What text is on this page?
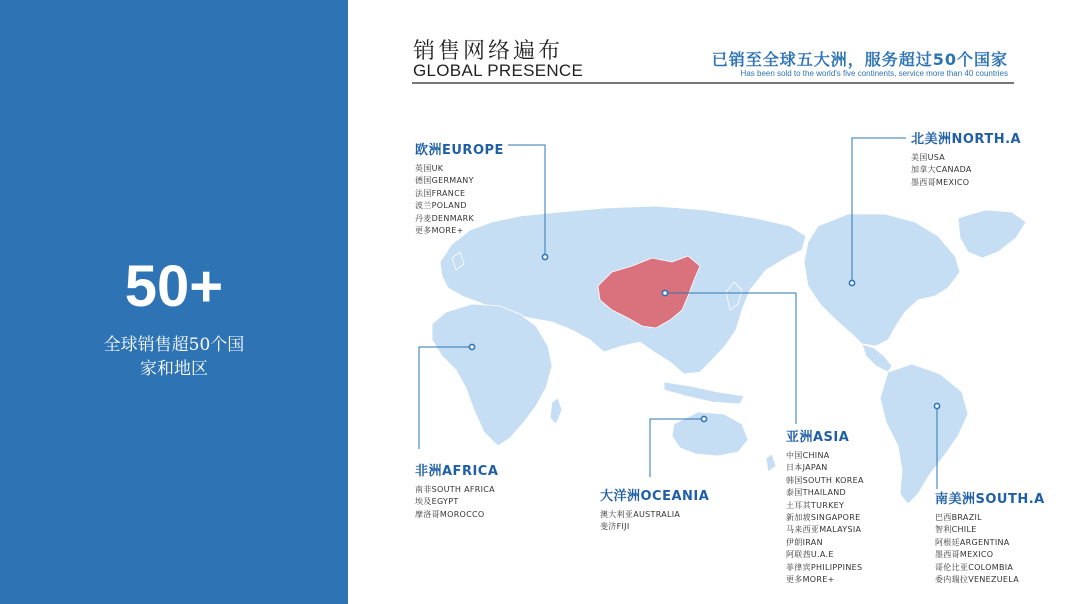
50+
全球销售超50个国
家和地区
销售网络遍布
GLOBAL PRESENCE
已销至全球五大洲，服务超过50个国家
Has been sold to the world's five continents, service more than 40 countries
欧洲EUROPE
英国UK
德国GERMANY
法国FRANCE
波兰POLAND
丹麦DENMARK
更多MORE+
北美洲NORTH.A
美国USA
加拿大CANADA
墨西哥MEXICO
非洲AFRICA
南非SOUTH AFRICA
埃及EGYPT
摩洛哥MOROCCO
大洋洲OCEANIA
澳大利亚AUSTRALIA
斐济FIJI
亚洲ASIA
中国CHINA
日本JAPAN
韩国SOUTH KOREA
泰国THAILAND
土耳其TURKEY
新加坡SINGAPORE
马来西亚MALAYSIA
伊朗IRAN
阿联酋U.A.E
菲律宾PHILIPPINES
更多MORE+
南美洲SOUTH.A
巴西BRAZIL
智利CHILE
阿根廷ARGENTINA
墨西哥MEXICO
哥伦比亚COLOMBIA
委内瑞拉VENEZUELA
